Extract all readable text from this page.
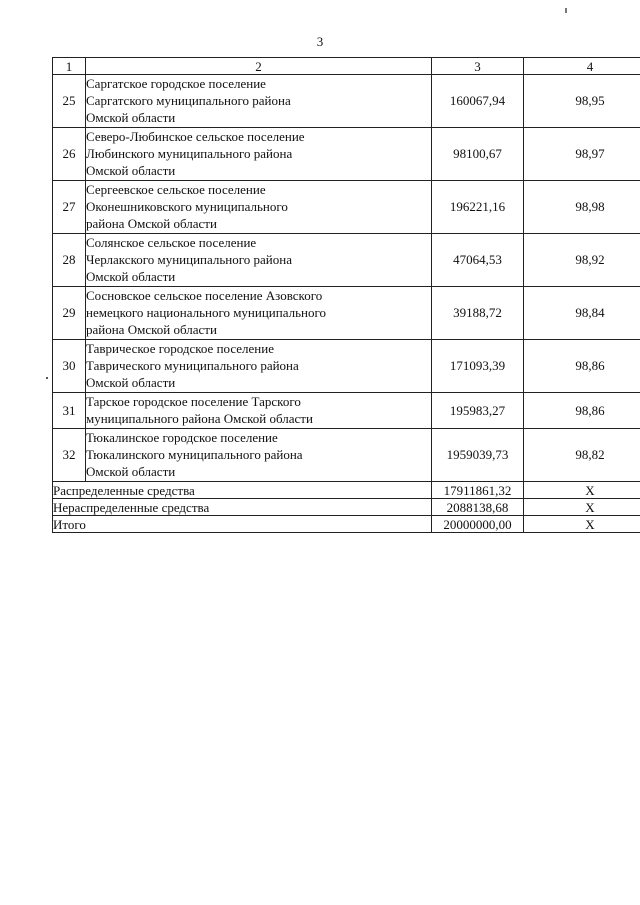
3
1	2	3	4
25	Саргатское городское поселение
Саргатского муниципального района
Омской области	160067,94	98,95
26	Северо-Любинское сельское поселение
Любинского муниципального района
Омской области	98100,67	98,97
27	Сергеевское сельское поселение
Оконешниковского муниципального
района Омской области	196221,16	98,98
28	Солянское сельское поселение
Черлакского муниципального района
Омской области	47064,53	98,92
29	Сосновское сельское поселение Азовского
немецкого национального муниципального
района Омской области	39188,72	98,84
30	Таврическое городское поселение
Таврического муниципального района
Омской области	171093,39	98,86
31	Тарское городское поселение Тарского
муниципального района Омской области	195983,27	98,86
32	Тюкалинское городское поселение
Тюкалинского муниципального района
Омской области	1959039,73	98,82
Распределенные средства		17911861,32	Х
Нераспределенные средства		2088138,68	Х
Итого		20000000,00	Х
